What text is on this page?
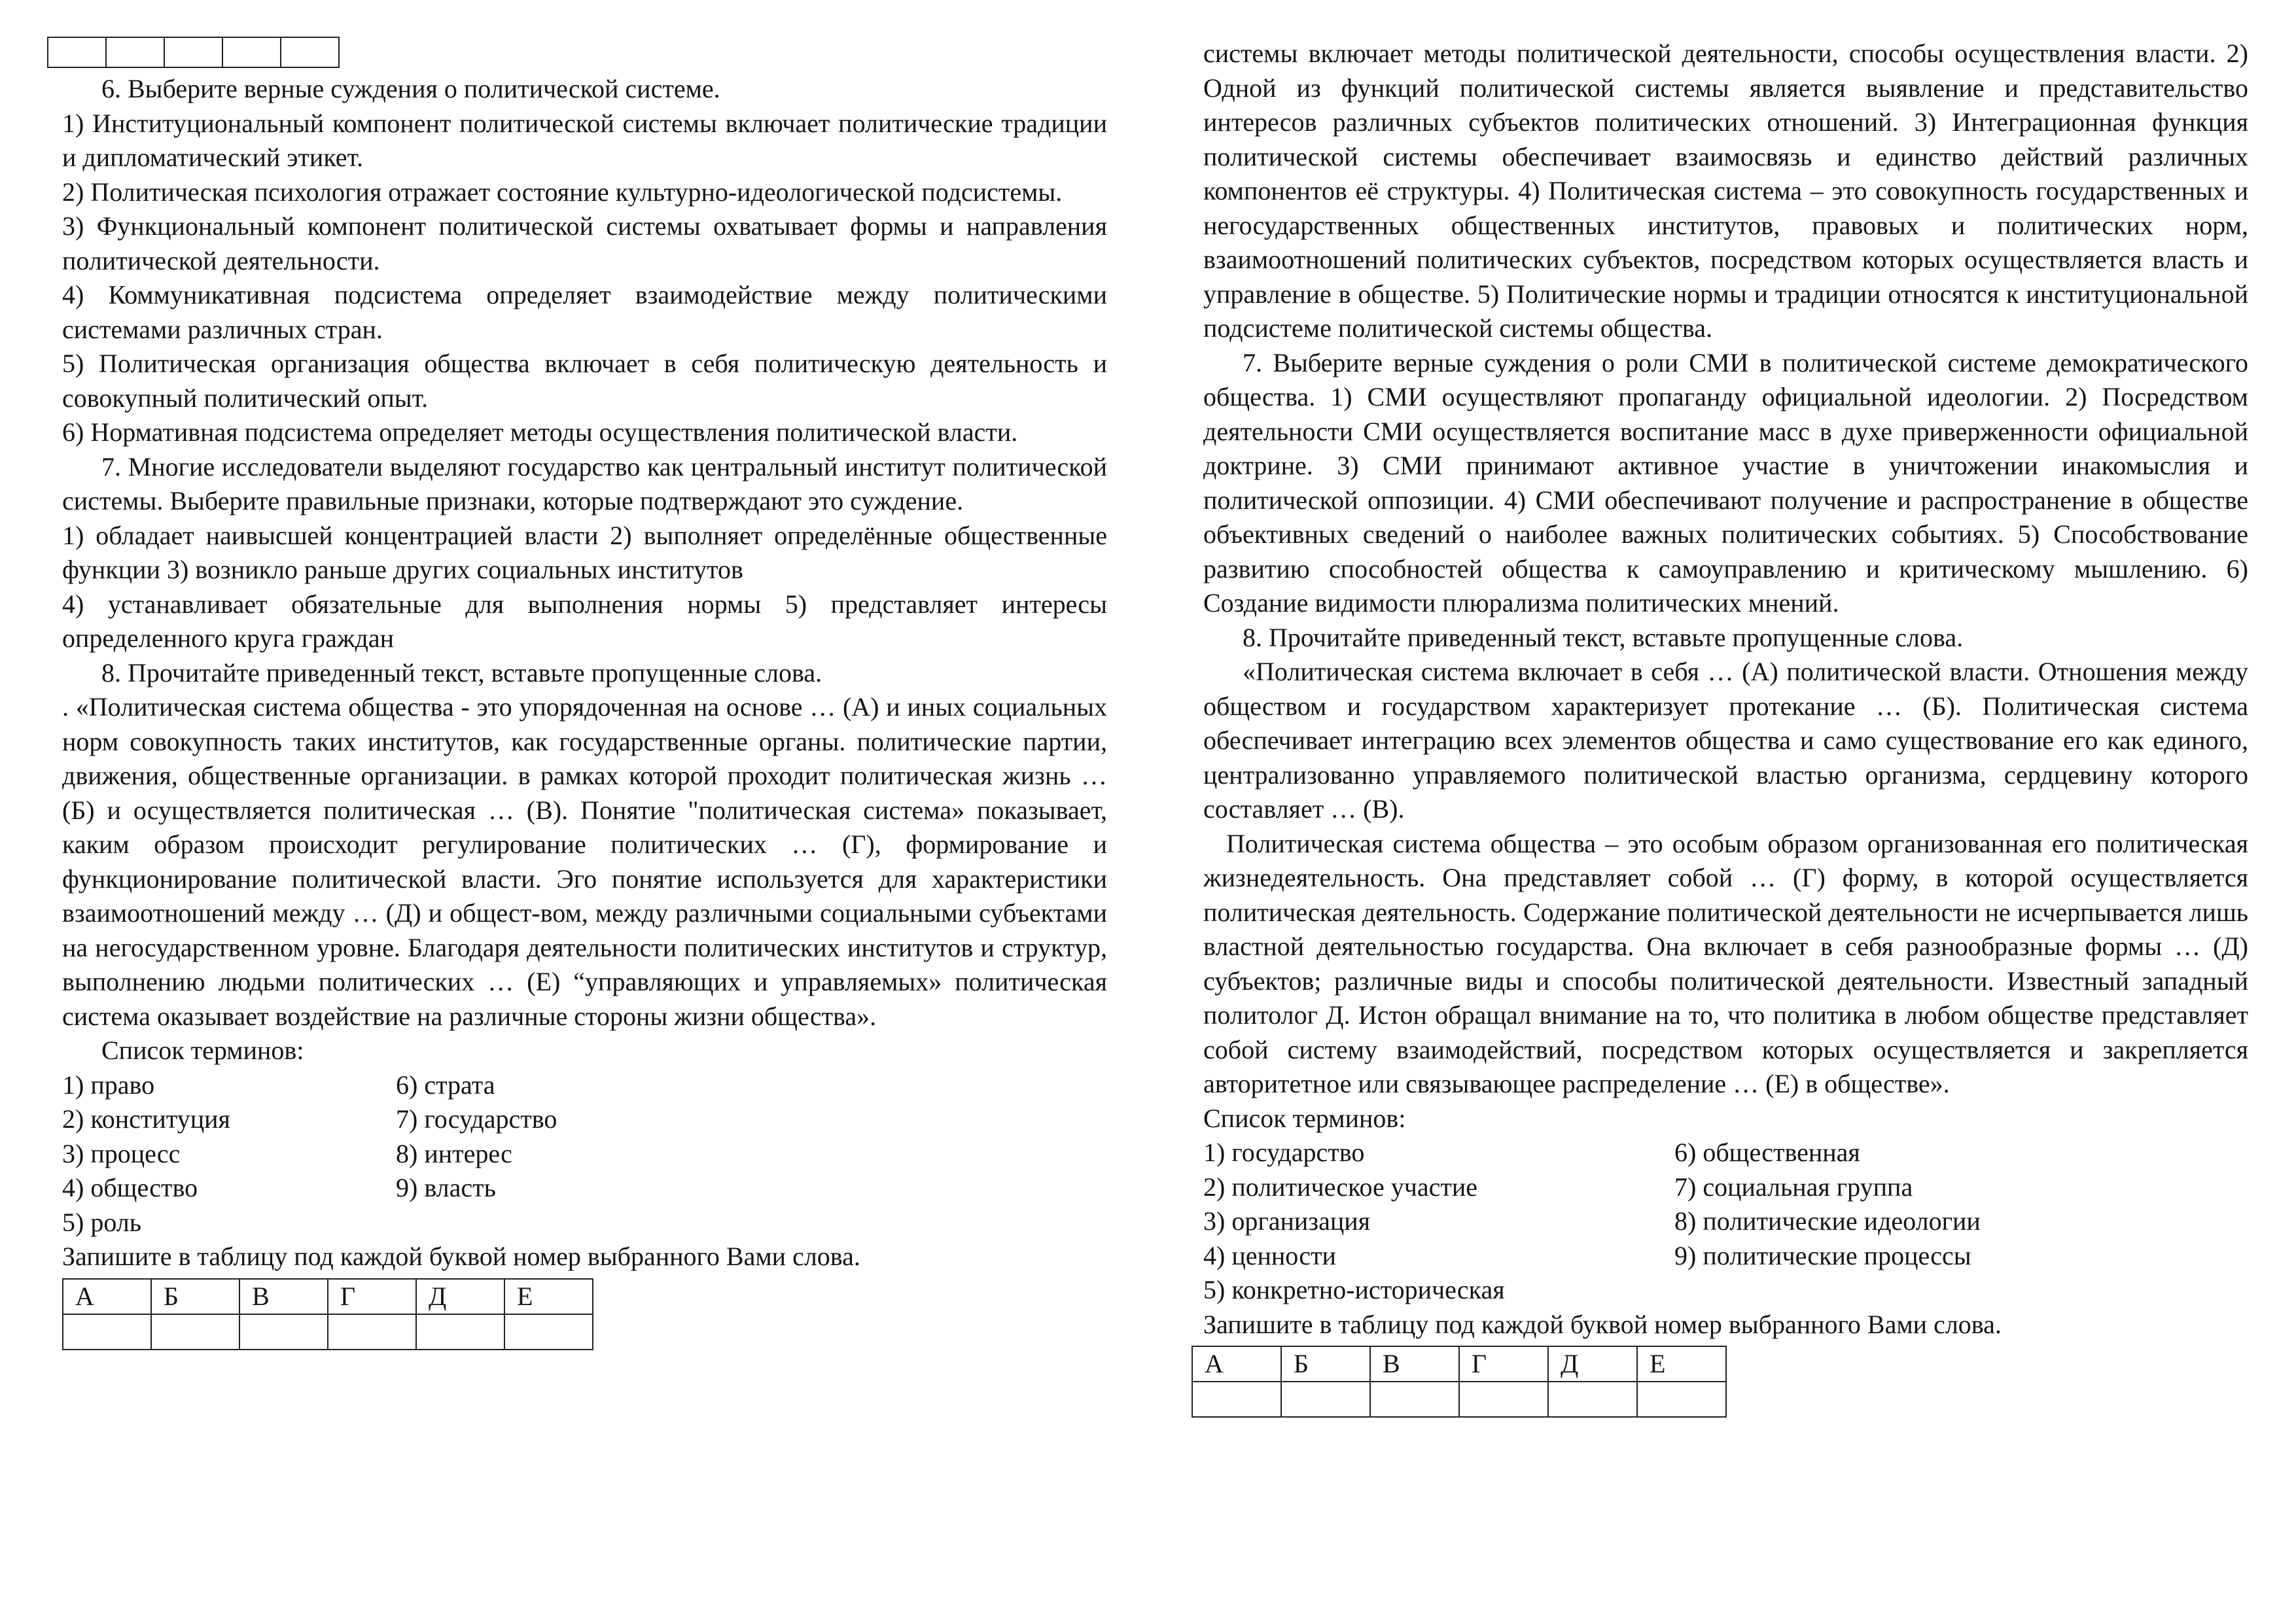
6. Выберите верные суждения о политической системе.

1) Институциональный компонент политической системы включает политические традиции и дипломатический этикет.

2) Политическая психология отражает состояние культурно-идеологической подсистемы.

3) Функциональный компонент политической системы охватывает формы и направления политической деятельности.

4) Коммуникативная подсистема определяет взаимодействие между политическими системами различных стран.

5) Политическая организация общества включает в себя политическую деятельность и совокупный политический опыт.

6) Нормативная подсистема определяет методы осуществления политической власти.

7. Многие исследователи выделяют государство как центральный институт политической системы. Выберите правильные признаки, которые подтверждают это суждение.

1) обладает наивысшей концентрацией власти 2) выполняет определённые общественные функции 3) возникло раньше других социальных институтов

4) устанавливает обязательные для выполнения нормы 5) представляет интересы определенного круга граждан

8. Прочитайте приведенный текст, вставьте пропущенные слова.

. «Политическая система общества - это упорядоченная на основе … (А) и иных социальных норм совокупность таких институтов, как государственные органы. политические партии, движения, общественные организации. в рамках которой проходит политическая жизнь … (Б) и осуществляется политическая … (В). Понятие "политическая система» показывает, каким образом происходит регулирование политических … (Г), формирование и функционирование политической власти. Эго понятие используется для характеристики взаимоотношений между … (Д) и общест-вом, между различными социальными субъектами на негосударственном уровне. Благодаря деятельности политических институтов и структур, выполнению людьми политических … (Е) “управляющих и управляемых» политическая система оказывает воздействие на различные стороны жизни общества».

Список терминов:

1) право	6) страта
2) конституция	7) государство
3) процесс	8) интерес
4) общество	9) власть
5) роль

Запишите в таблицу под каждой буквой номер выбранного Вами слова.

А	Б	В	Г	Д	Е

системы включает методы политической деятельности, способы осуществления власти. 2) Одной из функций политической системы является выявление и представительство интересов различных субъектов политических отношений. 3) Интеграционная функция политической системы обеспечивает взаимосвязь и единство действий различных компонентов её структуры. 4) Политическая система – это совокупность государственных и негосударственных общественных институтов, правовых и политических норм, взаимоотношений политических субъектов, посредством которых осуществляется власть и управление в обществе. 5) Политические нормы и традиции относятся к институциональной подсистеме политической системы общества.

7. Выберите верные суждения о роли СМИ в политической системе демократического общества. 1) СМИ осуществляют пропаганду официальной идеологии. 2) Посредством деятельности СМИ осуществляется воспитание масс в духе приверженности официальной доктрине. 3) СМИ принимают активное участие в уничтожении инакомыслия и политической оппозиции. 4) СМИ обеспечивают получение и распространение в обществе объективных сведений о наиболее важных политических событиях. 5) Способствование развитию способностей общества к самоуправлению и критическому мышлению. 6) Создание видимости плюрализма политических мнений.

8. Прочитайте приведенный текст, вставьте пропущенные слова.

«Политическая система включает в себя … (А) политической власти. Отношения между обществом и государством характеризует протекание … (Б). Политическая система обеспечивает интеграцию всех элементов общества и само существование его как единого, централизованно управляемого политической властью организма, сердцевину которого составляет … (В).

Политическая система общества – это особым образом организованная его политическая жизнедеятельность. Она представляет собой … (Г) форму, в которой осуществляется политическая деятельность. Содержание политической деятельности не исчерпывается лишь властной деятельностью государства. Она включает в себя разнообразные формы … (Д) субъектов; различные виды и способы политической деятельности. Известный западный политолог Д. Истон обращал внимание на то, что политика в любом обществе представляет собой систему взаимодействий, посредством которых осуществляется и закрепляется авторитетное или связывающее распределение … (Е) в обществе».

Список терминов:

1) государство	6) общественная
2) политическое участие	7) социальная группа
3) организация	8) политические идеологии
4) ценности	9) политические процессы
5) конкретно-историческая

Запишите в таблицу под каждой буквой номер выбранного Вами слова.

А	Б	В	Г	Д	Е
